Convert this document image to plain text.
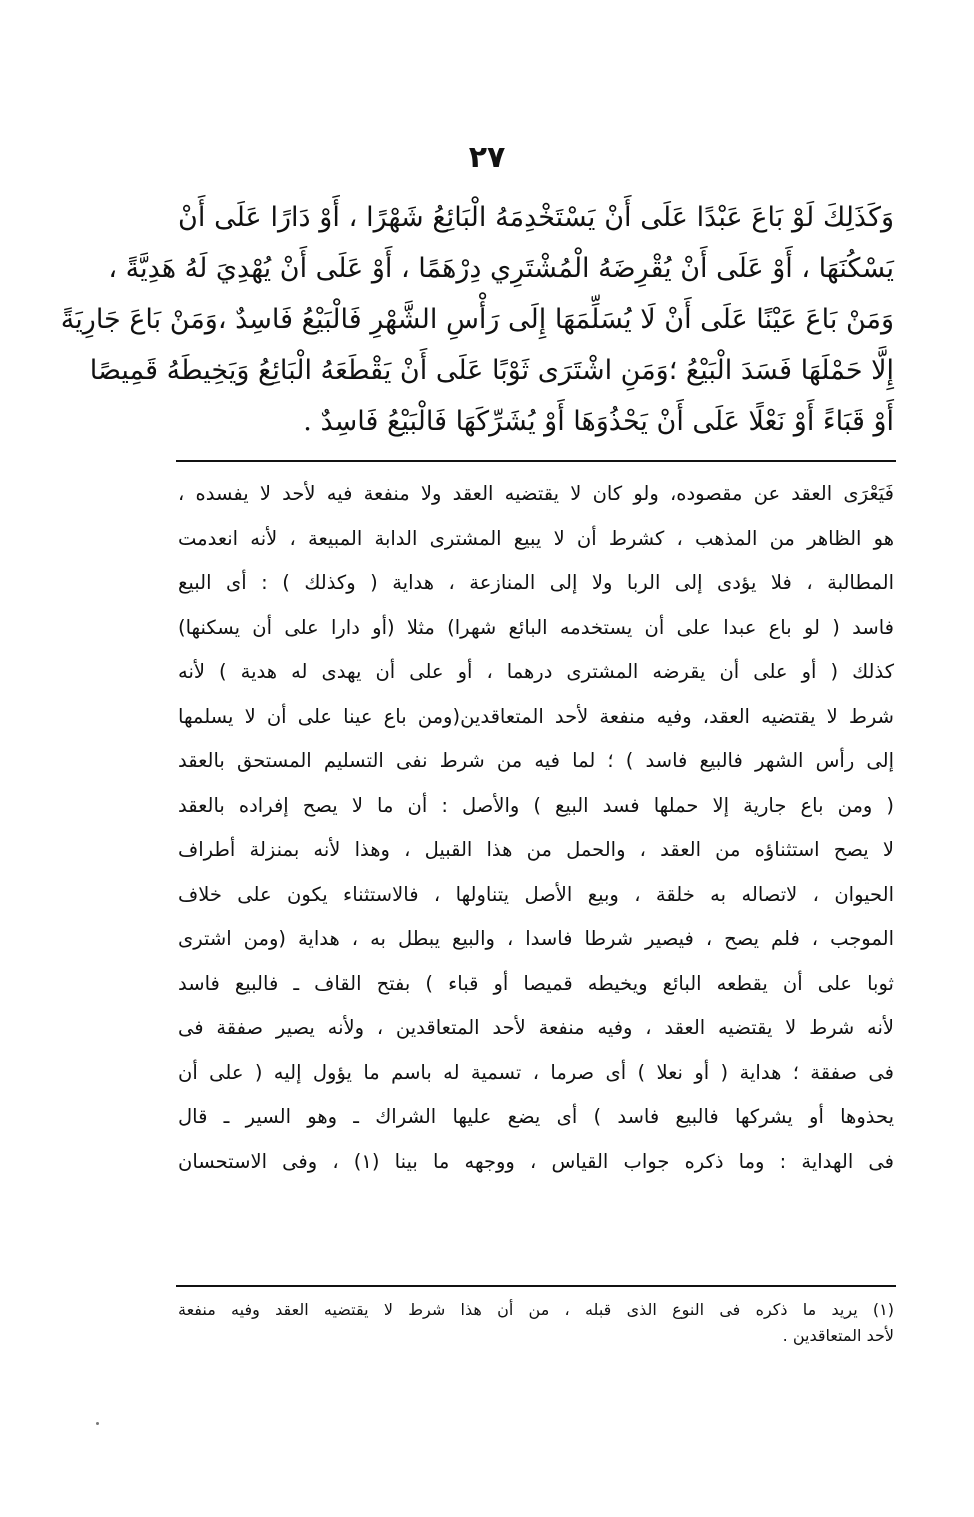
٢٧
وَكَذَلِكَ لَوْ بَاعَ عَبْدًا عَلَى أَنْ يَسْتَخْدِمَهُ الْبَائِعُ شَهْرًا ، أَوْ دَارًا عَلَى أَنْ
يَسْكُنَهَا ، أَوْ عَلَى أَنْ يُقْرِضَهُ الْمُشْتَرِي دِرْهَمًا ، أَوْ عَلَى أَنْ يُهْدِيَ لَهُ هَدِيَّةً ،
وَمَنْ بَاعَ عَيْنًا عَلَى أَنْ لَا يُسَلِّمَهَا إِلَى رَأْسِ الشَّهْرِ فَالْبَيْعُ فَاسِدٌ ،وَمَنْ بَاعَ جَارِيَةً
إِلَّا حَمْلَهَا فَسَدَ الْبَيْعُ ؛وَمَنِ اشْتَرَى ثَوْبًا عَلَى أَنْ يَقْطَعَهُ الْبَائِعُ وَيَخِيطَهُ قَمِيصًا
أَوْ قَبَاءً أَوْ نَعْلًا عَلَى أَنْ يَحْذُوَهَا أَوْ يُشَرِّكَهَا فَالْبَيْعُ فَاسِدٌ .
فَيَعْرَى العقد عن مقصوده، ولو كان لا يقتضيه العقد ولا منفعة فيه لأحد لا يفسده ،
هو الظاهر من المذهب ، كشرط أن لا يبيع المشترى الدابة المبيعة ، لأنه انعدمت
المطالبة ، فلا يؤدى إلى الربا ولا إلى المنازعة ، هداية ( وكذلك ) : أى البيع
فاسد ( لو باع عبدا على أن يستخدمه البائع شهرا) مثلا (أو دارا على أن يسكنها)
كذلك ( أو على أن يقرضه المشترى درهما ، أو على أن يهدى له هدية ) لأنه
شرط لا يقتضيه العقد، وفيه منفعة لأحد المتعاقدين(ومن باع عينا على أن لا يسلمها
إلى رأس الشهر فالبيع فاسد ) ؛ لما فيه من شرط نفى التسليم المستحق بالعقد
( ومن باع جارية إلا حملها فسد البيع ) والأصل : أن ما لا يصح إفراده بالعقد
لا يصح استثناؤه من العقد ، والحمل من هذا القبيل ، وهذا لأنه بمنزلة أطراف
الحيوان ، لاتصاله به خلقة ، وبيع الأصل يتناولها ، فالاستثناء يكون على خلاف
الموجب ، فلم يصح ، فيصير شرطا فاسدا ، والبيع يبطل به ، هداية (ومن اشترى
ثوبا على أن يقطعه البائع ويخيطه قميصا أو قباء ) بفتح القاف ـ فالبيع فاسد
لأنه شرط لا يقتضيه العقد ، وفيه منفعة لأحد المتعاقدين ، ولأنه يصير صفقة فى
فى صفقة ؛ هداية ( أو نعلا ) أى صرما ، تسمية له باسم ما يؤول إليه ( على أن
يحذوها أو يشركها فالبيع فاسد ) أى يضع عليها الشراك ـ وهو السير ـ قال
فى الهداية : وما ذكره جواب القياس ، ووجهه ما بينا (١) ، وفى الاستحسان
(١) يريد ما ذكره فى النوع الذى قبله ، من أن هذا شرط لا يقتضيه العقد وفيه منفعة
لأحد المتعاقدين .
